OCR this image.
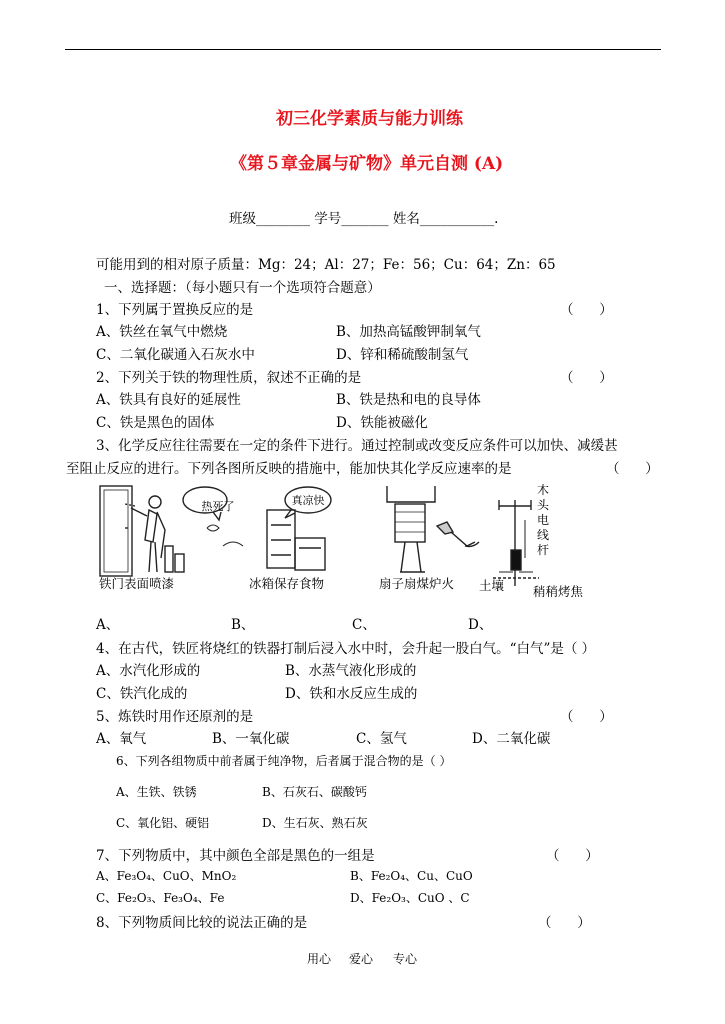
初三化学素质与能力训练
《第５章金属与矿物》单元自测 (A)
班级________ 学号_______ 姓名___________.
可能用到的相对原子质量：Mg：24；Al：27；Fe：56；Cu：64；Zn：65
一、选择题：（每小题只有一个选项符合题意）
1、下列属于置换反应的是	（      ）
A、铁丝在氧气中燃烧	B、加热高锰酸钾制氧气
C、二氧化碳通入石灰水中	D、锌和稀硫酸制氢气
2、下列关于铁的物理性质，叙述不正确的是	（      ）
A、铁具有良好的延展性	B、铁是热和电的良导体
C、铁是黑色的固体	D、铁能被磁化
3、化学反应往往需要在一定的条件下进行。通过控制或改变反应条件可以加快、减缓甚
至阻止反应的进行。下列各图所反映的措施中，能加快其化学反应速率的是	（      ）
热死了	真凉快
木
头
电
线
杆
铁门表面喷漆	冰箱保存食物	扇子扇煤炉火 土壤 稍稍烤焦
A、	B、	C、	D、
4、在古代，铁匠将烧红的铁器打制后浸入水中时，会升起一股白气。“白气”是（ ）
A、水汽化形成的	B、水蒸气液化形成的
C、铁汽化成的	D、铁和水反应生成的
5、炼铁时用作还原剂的是	（      ）
A、氧气	B、一氧化碳	C、氢气	D、二氧化碳
6、下列各组物质中前者属于纯净物，后者属于混合物的是（ ）
A、生铁、铁锈	B、石灰石、碳酸钙
C、氧化铝、硬铝	D、生石灰、熟石灰
7、下列物质中，其中颜色全部是黑色的一组是	（      ）
A、Fe₃O₄、CuO、MnO₂	B、Fe₂O₄、Cu、CuO
C、Fe₂O₃、Fe₃O₄、Fe	D、Fe₂O₃、CuO 、C
8、下列物质间比较的说法正确的是	（      ）
用心 爱心 专心
